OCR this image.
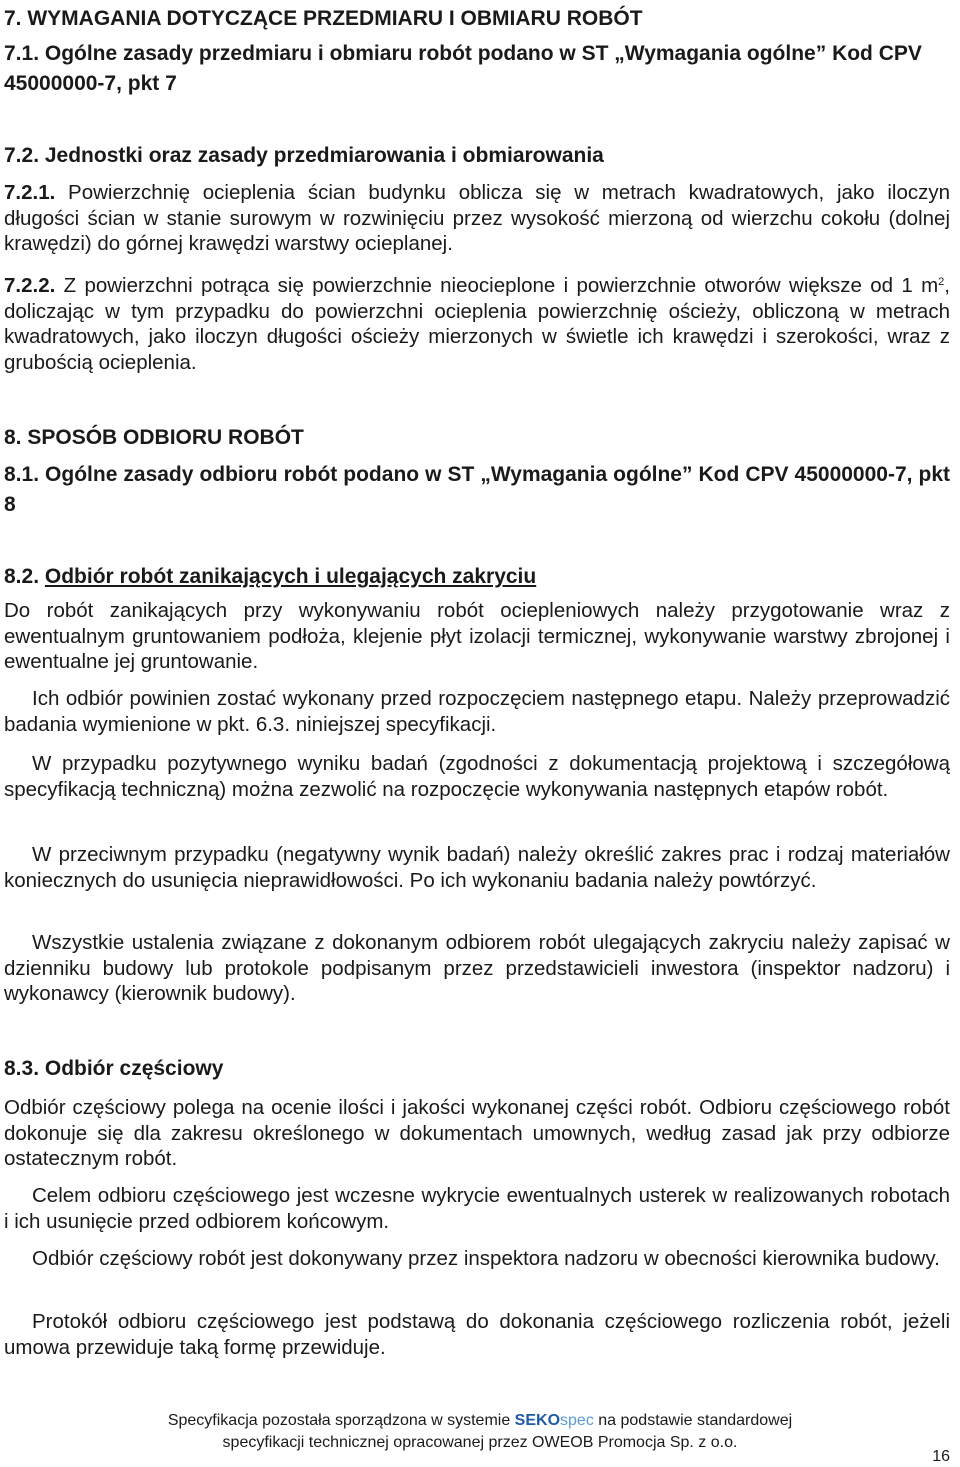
7. WYMAGANIA DOTYCZĄCE PRZEDMIARU I OBMIARU ROBÓT

7.1. Ogólne zasady przedmiaru i obmiaru robót podano w ST „Wymagania ogólne” Kod CPV 45000000-7, pkt 7

7.2. Jednostki oraz zasady przedmiarowania i obmiarowania

7.2.1. Powierzchnię ocieplenia ścian budynku oblicza się w metrach kwadratowych, jako iloczyn długości ścian w stanie surowym w rozwinięciu przez wysokość mierzoną od wierzchu cokołu (dolnej krawędzi) do górnej krawędzi warstwy ocieplanej.

7.2.2. Z powierzchni potrąca się powierzchnie nieocieplone i powierzchnie otworów większe od 1 $m^2$, doliczając w tym przypadku do powierzchni ocieplenia powierzchnię ościeży, obliczoną w metrach kwadratowych, jako iloczyn długości ościeży mierzonych w świetle ich krawędzi i szerokości, wraz z grubością ocieplenia.

8. SPOSÓB ODBIORU ROBÓT

8.1. Ogólne zasady odbioru robót podano w ST „Wymagania ogólne” Kod CPV 45000000-7, pkt 8

8.2. Odbiór robót zanikających i ulegających zakryciu

Do robót zanikających przy wykonywaniu robót ociepleniowych należy przygotowanie wraz z ewentualnym gruntowaniem podłoża, klejenie płyt izolacji termicznej, wykonywanie warstwy zbrojonej i ewentualne jej gruntowanie.

Ich odbiór powinien zostać wykonany przed rozpoczęciem następnego etapu. Należy przeprowadzić badania wymienione w pkt. 6.3. niniejszej specyfikacji.

W przypadku pozytywnego wyniku badań (zgodności z dokumentacją projektową i szczegółową specyfikacją techniczną) można zezwolić na rozpoczęcie wykonywania następnych etapów robót.

W przeciwnym przypadku (negatywny wynik badań) należy określić zakres prac i rodzaj materiałów koniecznych do usunięcia nieprawidłowości. Po ich wykonaniu badania należy powtórzyć.

Wszystkie ustalenia związane z dokonanym odbiorem robót ulegających zakryciu należy zapisać w dzienniku budowy lub protokole podpisanym przez przedstawicieli inwestora (inspektor nadzoru) i wykonawcy (kierownik budowy).

8.3. Odbiór częściowy

Odbiór częściowy polega na ocenie ilości i jakości wykonanej części robót. Odbioru częściowego robót dokonuje się dla zakresu określonego w dokumentach umownych, według zasad jak przy odbiorze ostatecznym robót.

Celem odbioru częściowego jest wczesne wykrycie ewentualnych usterek w realizowanych robotach i ich usunięcie przed odbiorem końcowym.

Odbiór częściowy robót jest dokonywany przez inspektora nadzoru w obecności kierownika budowy.

Protokół odbioru częściowego jest podstawą do dokonania częściowego rozliczenia robót, jeżeli umowa przewiduje taką formę przewiduje.

Specyfikacja pozostała sporządzona w systemie SEKOspec na podstawie standardowej
specyfikacji technicznej opracowanej przez OWEOB Promocja Sp. z o.o.
16
